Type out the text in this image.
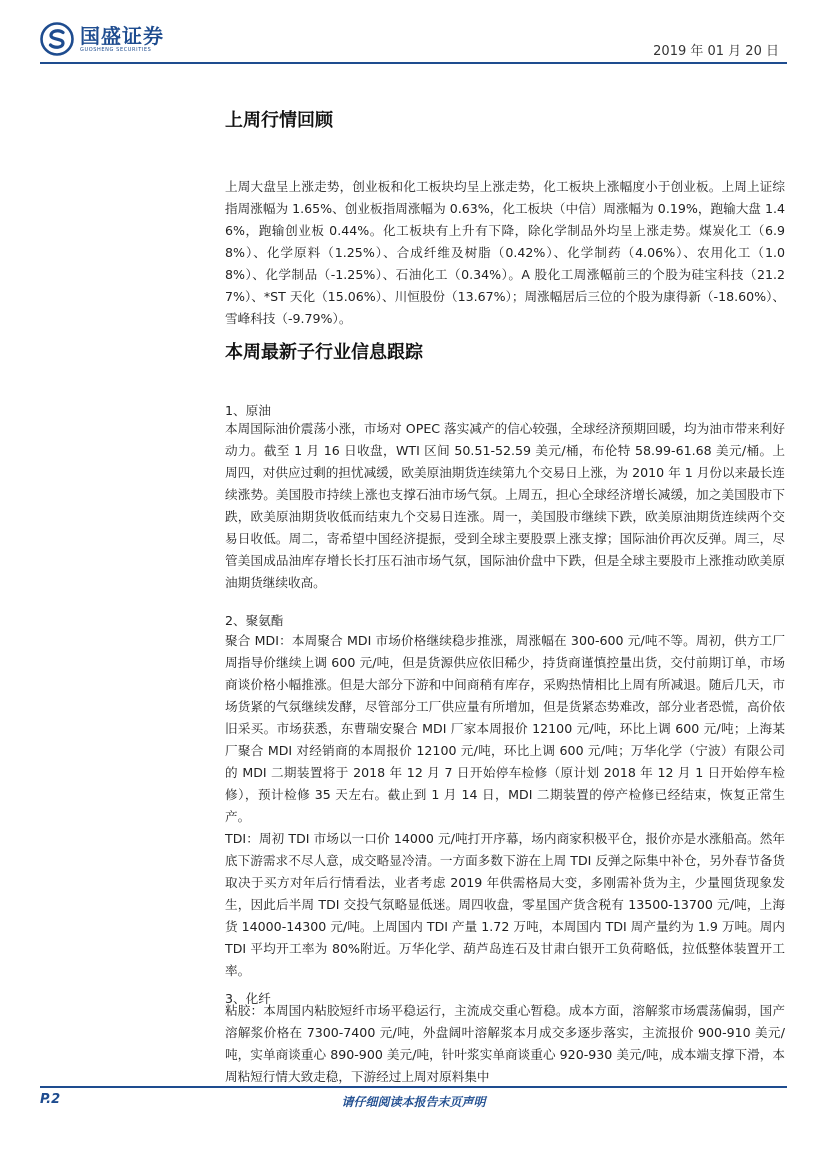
国盛证券
GUOSHENG SECURITIES	2019 年 01 月 20 日
上周行情回顾

上周大盘呈上涨走势，创业板和化工板块均呈上涨走势，化工板块上涨幅度小于创业板。上周上证综指周涨幅为 1.65%、创业板指周涨幅为 0.63%，化工板块（中信）周涨幅为 0.19%，跑输大盘 1.46%，跑输创业板 0.44%。化工板块有上升有下降，除化学制品外均呈上涨走势。煤炭化工（6.98%）、化学原料（1.25%）、合成纤维及树脂（0.42%）、化学制药（4.06%）、农用化工（1.08%）、化学制品（-1.25%）、石油化工（0.34%）。A 股化工周涨幅前三的个股为硅宝科技（21.27%）、*ST 天化（15.06%）、川恒股份（13.67%）；周涨幅居后三位的个股为康得新（-18.60%）、雪峰科技（-9.79%）。

本周最新子行业信息跟踪

1、原油

本周国际油价震荡小涨，市场对 OPEC 落实减产的信心较强，全球经济预期回暖，均为油市带来利好动力。截至 1 月 16 日收盘，WTI 区间 50.51-52.59 美元/桶，布伦特 58.99-61.68 美元/桶。上周四，对供应过剩的担忧减缓，欧美原油期货连续第九个交易日上涨，为 2010 年 1 月份以来最长连续涨势。美国股市持续上涨也支撑石油市场气氛。上周五，担心全球经济增长减缓，加之美国股市下跌，欧美原油期货收低而结束九个交易日连涨。周一，美国股市继续下跌，欧美原油期货连续两个交易日收低。周二，寄希望中国经济提振，受到全球主要股票上涨支撑；国际油价再次反弹。周三，尽管美国成品油库存增长长打压石油市场气氛，国际油价盘中下跌，但是全球主要股市上涨推动欧美原油期货继续收高。

2、聚氨酯

聚合 MDI：本周聚合 MDI 市场价格继续稳步推涨，周涨幅在 300-600 元/吨不等。周初，供方工厂周指导价继续上调 600 元/吨，但是货源供应依旧稀少，持货商谨慎控量出货，交付前期订单，市场商谈价格小幅推涨。但是大部分下游和中间商稍有库存，采购热情相比上周有所减退。随后几天，市场货紧的气氛继续发酵，尽管部分工厂供应量有所增加，但是货紧态势难改，部分业者恐慌，高价依旧采买。市场获悉，东曹瑞安聚合 MDI 厂家本周报价 12100 元/吨，环比上调 600 元/吨；上海某厂聚合 MDI 对经销商的本周报价 12100 元/吨，环比上调 600 元/吨；万华化学（宁波）有限公司的 MDI 二期装置将于 2018 年 12 月 7 日开始停车检修（原计划 2018 年 12 月 1 日开始停车检修），预计检修 35 天左右。截止到 1 月 14 日，MDI 二期装置的停产检修已经结束，恢复正常生产。

TDI：周初 TDI 市场以一口价 14000 元/吨打开序幕，场内商家积极平仓，报价亦是水涨船高。然年底下游需求不尽人意，成交略显冷清。一方面多数下游在上周 TDI 反弹之际集中补仓，另外春节备货取决于买方对年后行情看法，业者考虑 2019 年供需格局大变，多刚需补货为主，少量囤货现象发生，因此后半周 TDI 交投气氛略显低迷。周四收盘，零星国产货含税有 13500-13700 元/吨，上海货 14000-14300 元/吨。上周国内 TDI 产量 1.72 万吨，本周国内 TDI 周产量约为 1.9 万吨。周内 TDI 平均开工率为 80%附近。万华化学、葫芦岛连石及甘肃白银开工负荷略低，拉低整体装置开工率。

3、化纤

粘胶：本周国内粘胶短纤市场平稳运行，主流成交重心暂稳。成本方面，溶解浆市场震荡偏弱，国产溶解浆价格在 7300-7400 元/吨，外盘阔叶溶解浆本月成交多逐步落实，主流报价 900-910 美元/吨，实单商谈重心 890-900 美元/吨，针叶浆实单商谈重心 920-930 美元/吨，成本端支撑下滑，本周粘短行情大致走稳，下游经过上周对原料集中

P.2	请仔细阅读本报告末页声明
